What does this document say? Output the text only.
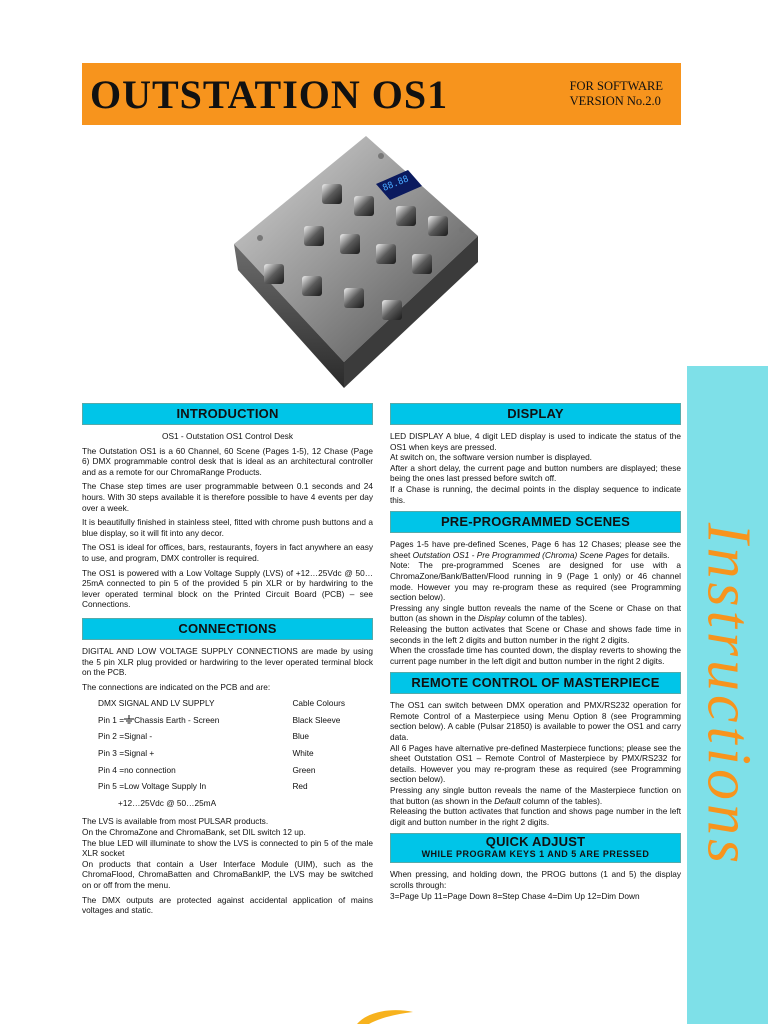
OUTSTATION OS1	FOR SOFTWARE
VERSION No.2.0
88.88
Instructions
INTRODUCTION

OS1 - Outstation OS1 Control Desk

The Outstation OS1 is a 60 Channel, 60 Scene (Pages 1-5), 12 Chase (Page 6) DMX programmable control desk that is ideal as an architectural controller and as a remote for our ChromaRange Products.

The Chase step times are user programmable between 0.1 seconds and 24 hours. With 30 steps available it is therefore possible to have 4 events per day over a week.

It is beautifully finished in stainless steel, fitted with chrome push buttons and a blue display, so it will fit into any decor.

The OS1 is ideal for offices, bars, restaurants, foyers in fact anywhere an easy to use, and program, DMX controller is required.

The OS1 is powered with a Low Voltage Supply (LVS) of +12…25Vdc @ 50…25mA connected to pin 5 of the provided 5 pin XLR or by hardwiring to the lever operated terminal block on the Printed Circuit Board (PCB) – see Connections.

CONNECTIONS

DIGITAL AND LOW VOLTAGE SUPPLY CONNECTIONS are made by using the 5 pin XLR plug provided or hardwiring to the lever operated terminal block on the PCB.

The connections are indicated on the PCB and are:

DMX SIGNAL AND LV SUPPLY	Cable Colours
Pin 1 = Chassis Earth - Screen	Black Sleeve
Pin 2 =Signal -	Blue
Pin 3 =Signal +	White
Pin 4 =no connection	Green
Pin 5 =Low Voltage Supply In	Red
+12…25Vdc @ 50…25mA	

The LVS is available from most PULSAR products.

On the ChromaZone and ChromaBank, set DIL switch 12 up.

The blue LED will illuminate to show the LVS is connected to pin 5 of the male XLR socket

On products that contain a User Interface Module (UIM), such as the ChromaFlood, ChromaBatten and ChromaBankIP, the LVS may be switched on or off from the menu.

The DMX outputs are protected against accidental application of mains voltages and static.

DISPLAY

LED DISPLAY A blue, 4 digit LED display is used to indicate the status of the OS1 when keys are pressed.

At switch on, the software version number is displayed.

After a short delay, the current page and button numbers are displayed; these being the ones last pressed before switch off.

If a Chase is running, the decimal points in the display sequence to indicate this.

PRE-PROGRAMMED SCENES

Pages 1-5 have pre-defined Scenes, Page 6 has 12 Chases; please see the sheet Outstation OS1 - Pre Programmed (Chroma) Scene Pages for details.

Note: The pre-programmed Scenes are designed for use with a ChromaZone/Bank/Batten/Flood running in 9 (Page 1 only) or 46 channel mode. However you may re-program these as required (see Programming section below).

Pressing any single button reveals the name of the Scene or Chase on that button (as shown in the Display column of the tables).

Releasing the button activates that Scene or Chase and shows fade time in seconds in the left 2 digits and button number in the right 2 digits.

When the crossfade time has counted down, the display reverts to showing the current page number in the left digit and button number in the right 2 digits.

REMOTE CONTROL OF MASTERPIECE

The OS1 can switch between DMX operation and PMX/RS232 operation for Remote Control of a Masterpiece using Menu Option 8 (see Programming section below). A cable (Pulsar 21850) is available to power the OS1 and carry data.

All 6 Pages have alternative pre-defined Masterpiece functions; please see the sheet Outstation OS1 – Remote Control of Masterpiece by PMX/RS232 for details. However you may re-program these as required (see Programming section below).

Pressing any single button reveals the name of the Masterpiece function on that button (as shown in the Default column of the tables).

Releasing the button activates that function and shows page number in the left digit and button number in the right 2 digits.

QUICK ADJUST
WHILE PROGRAM KEYS 1 AND 5 ARE PRESSED

When pressing, and holding down, the PROG buttons (1 and 5) the display scrolls through:

3=Page Up 11=Page Down 8=Step Chase 4=Dim Up 12=Dim Down
